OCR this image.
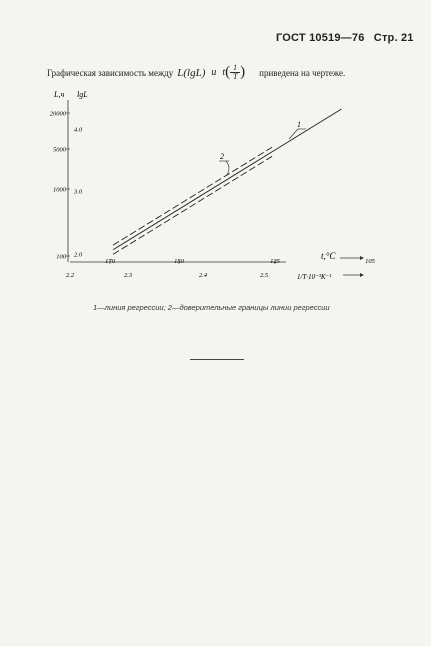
ГОСТ 10519—76 Стр. 21
Графическая зависимость между L(lgL) и t ( 1
T ) приведена на чертеже.
L,ч lgL
20000
5000
1000
100
4.0
3.0
2.0
170	150	125	105
t,°C
2.2	2.3	2.4	2.5	1/T·10⁻³K⁻¹
1
2
1—линия регрессии; 2—доверительные границы линии регрессии
